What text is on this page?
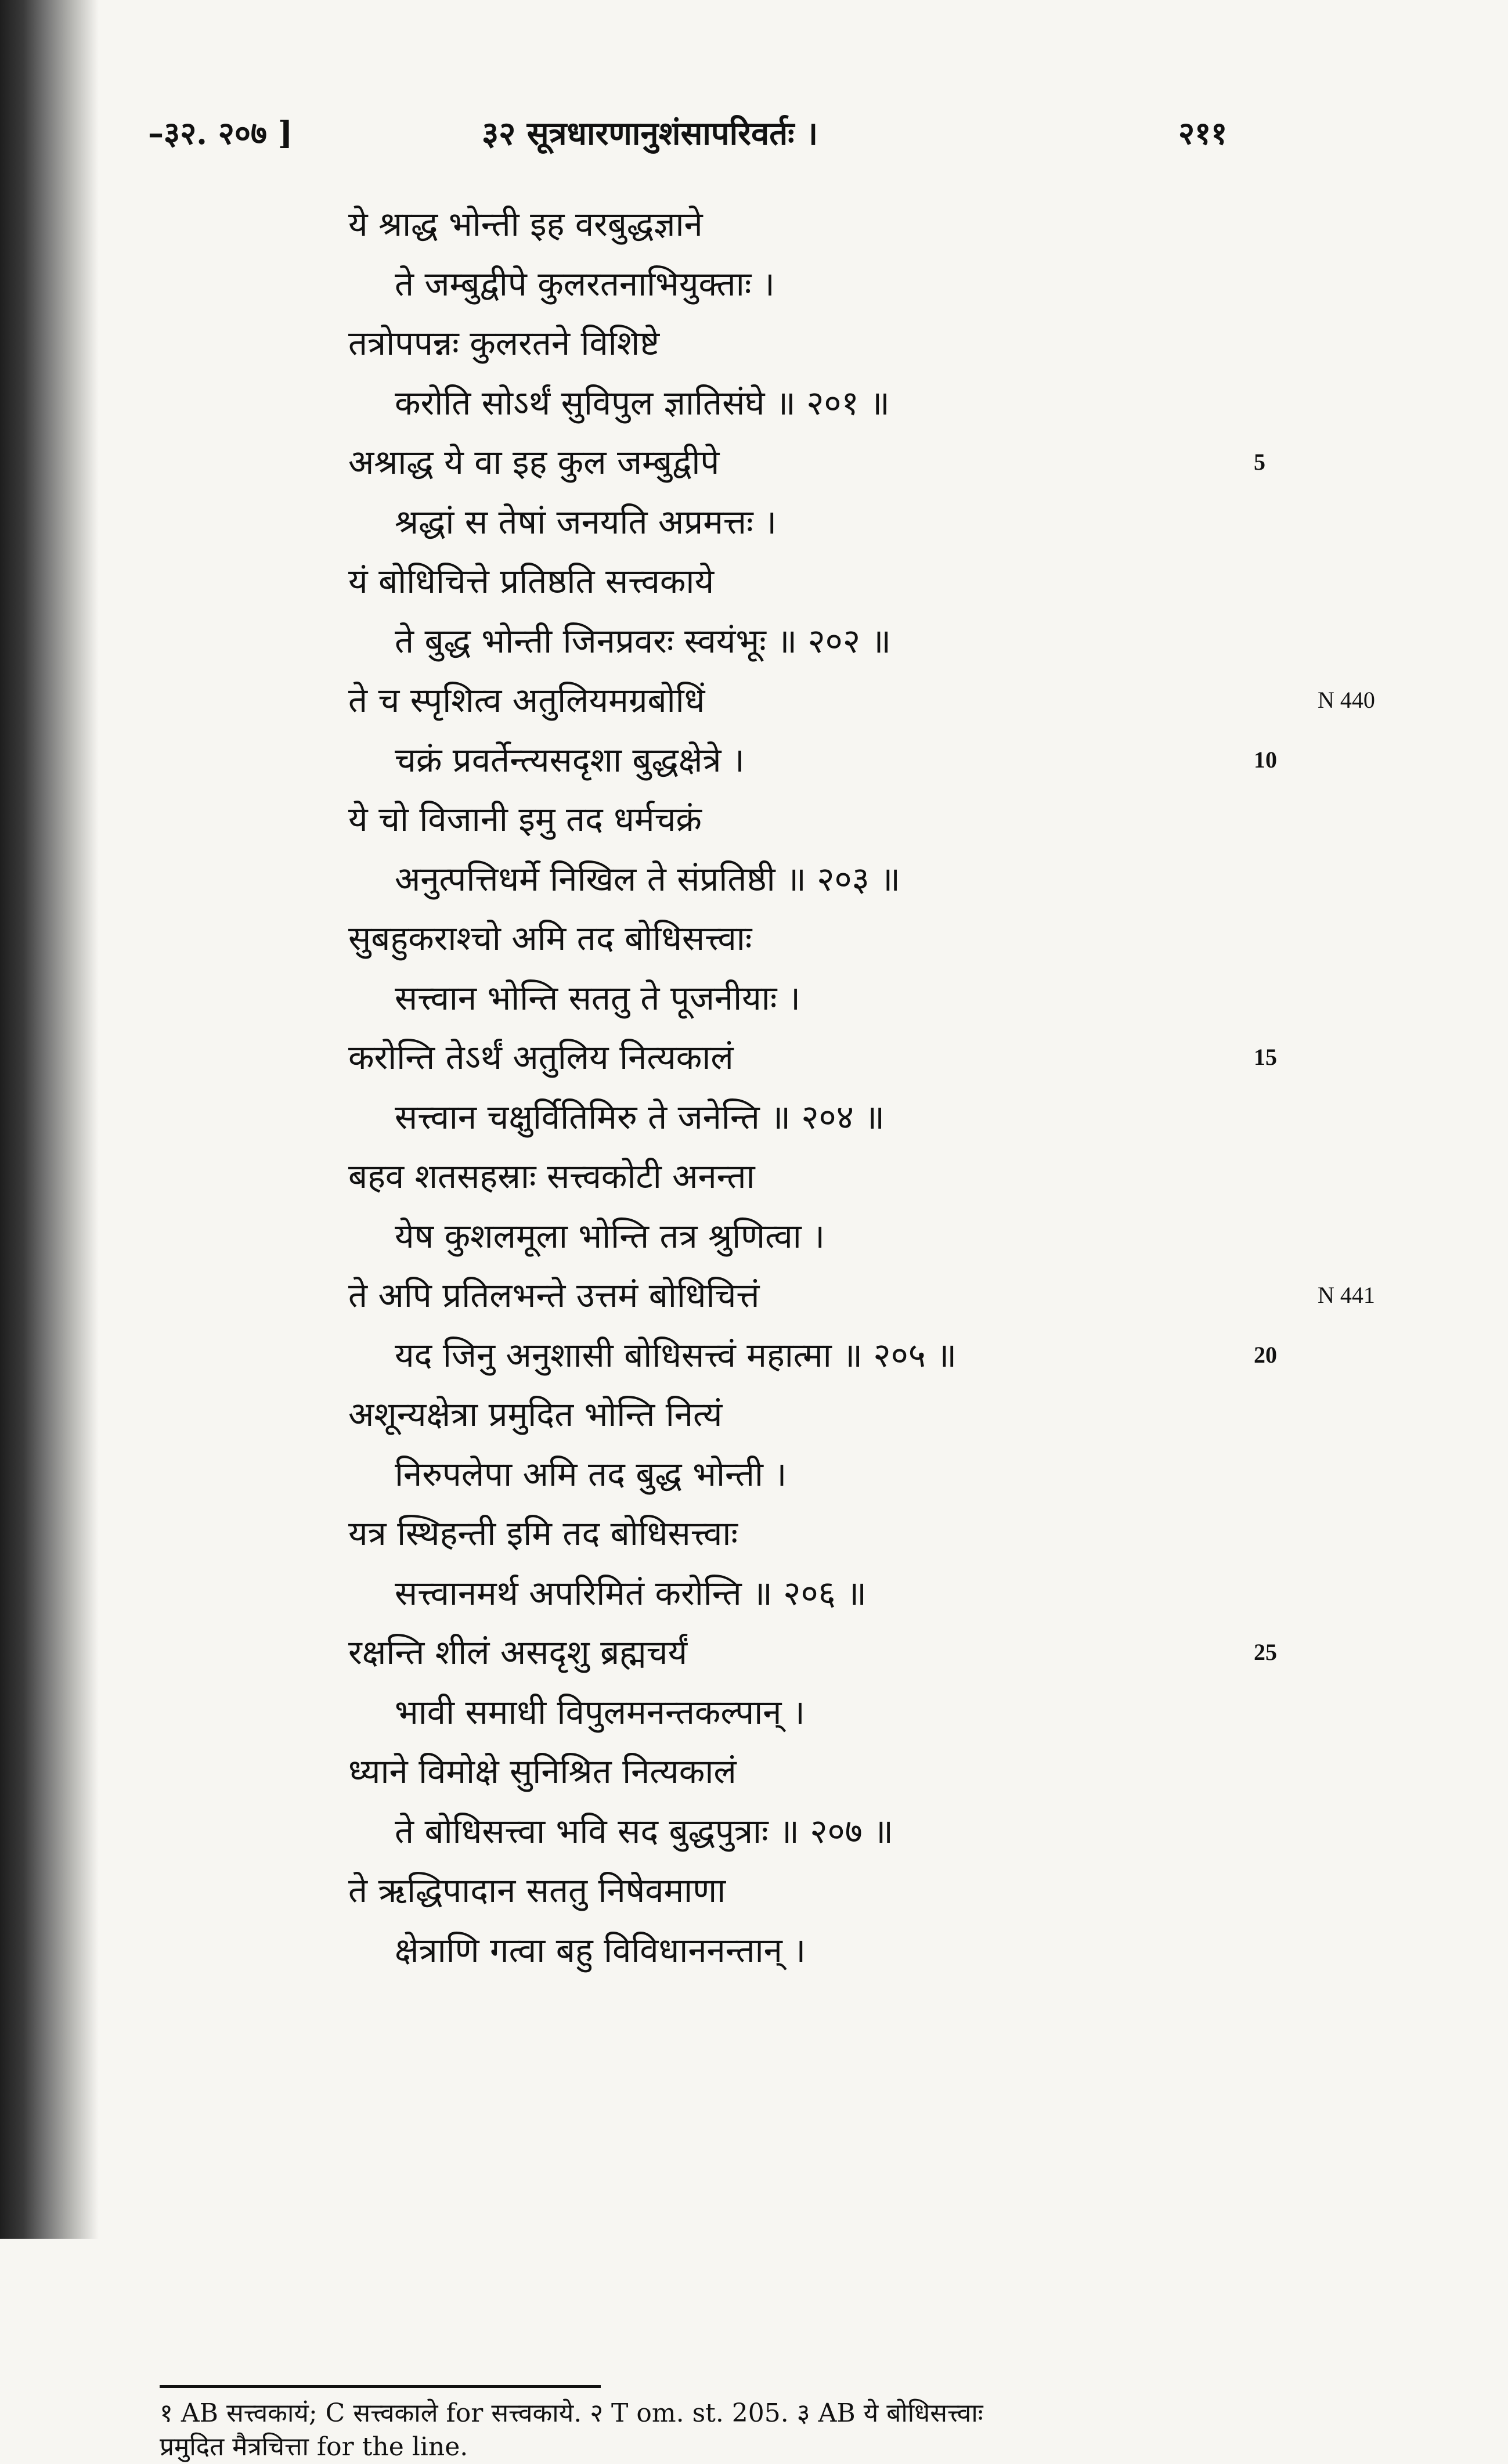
–३२. २०७ ]	३२ सूत्रधारणानुशंसापरिवर्तः ।	२११
ये श्राद्ध भोन्ती इह वरबुद्धज्ञाने
ते जम्बुद्वीपे कुलरतनाभियुक्ताः ।
तत्रोपपन्नः कुलरतने विशिष्टे
करोति सोऽर्थं सुविपुल ज्ञातिसंघे ॥ २०१ ॥
अश्राद्ध ये वा इह कुल जम्बुद्वीपे	5
श्रद्धां स तेषां जनयति अप्रमत्तः ।
यं बोधिचित्ते प्रतिष्ठति सत्त्वकाये
ते बुद्ध भोन्ती जिनप्रवरः स्वयंभूः ॥ २०२ ॥
ते च स्पृशित्व अतुलियमग्रबोधिं	N 440
चक्रं प्रवर्तेन्त्यसदृशा बुद्धक्षेत्रे ।	10
ये चो विजानी इमु तद धर्मचक्रं
अनुत्पत्तिधर्मे निखिल ते संप्रतिष्ठी ॥ २०३ ॥
सुबहुकराश्चो अमि तद बोधिसत्त्वाः
सत्त्वान भोन्ति सततु ते पूजनीयाः ।
करोन्ति तेऽर्थं अतुलिय नित्यकालं	15
सत्त्वान चक्षुर्वितिमिरु ते जनेन्ति ॥ २०४ ॥
बहव शतसहस्राः सत्त्वकोटी अनन्ता
येष कुशलमूला भोन्ति तत्र श्रुणित्वा ।
ते अपि प्रतिलभन्ते उत्तमं बोधिचित्तं	N 441
यद जिनु अनुशासी बोधिसत्त्वं महात्मा ॥ २०५ ॥	20
अशून्यक्षेत्रा प्रमुदित भोन्ति नित्यं
निरुपलेपा अमि तद बुद्ध भोन्ती ।
यत्र स्थिहन्ती इमि तद बोधिसत्त्वाः
सत्त्वानमर्थ अपरिमितं करोन्ति ॥ २०६ ॥
रक्षन्ति शीलं असदृशु ब्रह्मचर्यं	25
भावी समाधी विपुलमनन्तकल्पान् ।
ध्याने विमोक्षे सुनिश्रित नित्यकालं
ते बोधिसत्त्वा भवि सद बुद्धपुत्राः ॥ २०७ ॥
ते ऋद्धिपादान सततु निषेवमाणा
क्षेत्राणि गत्वा बहु विविधाननन्तान् ।
१ AB सत्त्वकायं; C सत्त्वकाले for सत्त्वकाये. २ T om. st. 205. ३ AB ये बोधिसत्त्वाः
प्रमुदित मैत्रचित्ता for the line.
